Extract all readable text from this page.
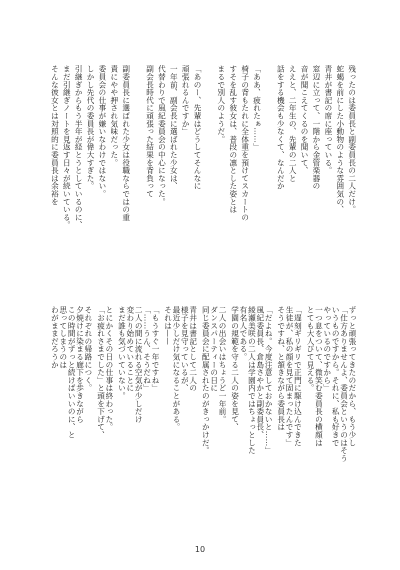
残ったのは委員長と副委員長の二人だけ。
蛇蝎を前にした小動物のような雰囲気の、
青井が書記の席に座っている。
窓辺に立って、一階から金管楽器の
音が聞こえてくるのを聞いて、
ええと、二年生の、先輩の二人と
話をする機会も少なくて、なんだか
「ああ、疲れたぁ……」
椅子の背もたれに全体重を預けてスカートの
すそを乱す彼女は、普段の凛とした姿とは
まるで別人のようだ。
「あのー、先輩はどうしてそんなに
頑張れるんですか」
一年前、副会長に選ばれた少女は、
代替わりで風紀委員会の中心になった。
副会長時代に頑張った結果を背負って
副委員長に選ばれた少女は役職ならではの重
責にやや押され気味だった。
委員会の仕事が嫌いなわけではない。
しかし先代の委員長が偉大すぎた。
引継ぎからもう半年が経とうとしているのに、
まだ引継ぎノートを見返す日々が続いている。
そんな彼女とは対照的に委員長は余裕を
ずっと頑張ってきたのだから、もう少し
「仕方ありませんよ、委員会というのはそう
いうものですから。それに、私も好きで
やっているのですから」
一つ息をついて、微笑む委員長の横顔は
とても大人びて見える。
「遅刻ギリギリで正門に駆け込んできた
生徒が、私の顔を見て固まったんです」
そうですね、と頷きながら委員長は
「だよね。今度注意しておかないと……」
風紀委員長、倉島さやかと副委員長、
綾瀬美咲の二人は学園内ではちょっとした
有名人である。
学園の規範を守る二人の姿を見て、
二人の出会いはちょうど一年前。
ダンスパーティーの日に
同じ委員会に配属されたのがきっかけだ。
青井は書記として二人の
様子を見守っているが、
最近少しだけ気になることがある。
それは——
「もうすぐ一年ですね」
「……うん、そうだね」
二人の間に流れる空気が少しだけ
変わり始めていることに
まだ誰も気づいていない。
とにかくその日の仕事は終わった。
「お疲れさまでした」と頭を下げて、
それぞれの帰路につく。
夕焼けに染まる廊下を歩きながら
この時間がずっと続けばいいのに、と
思ってしまうのは
わがままだろうか
10
